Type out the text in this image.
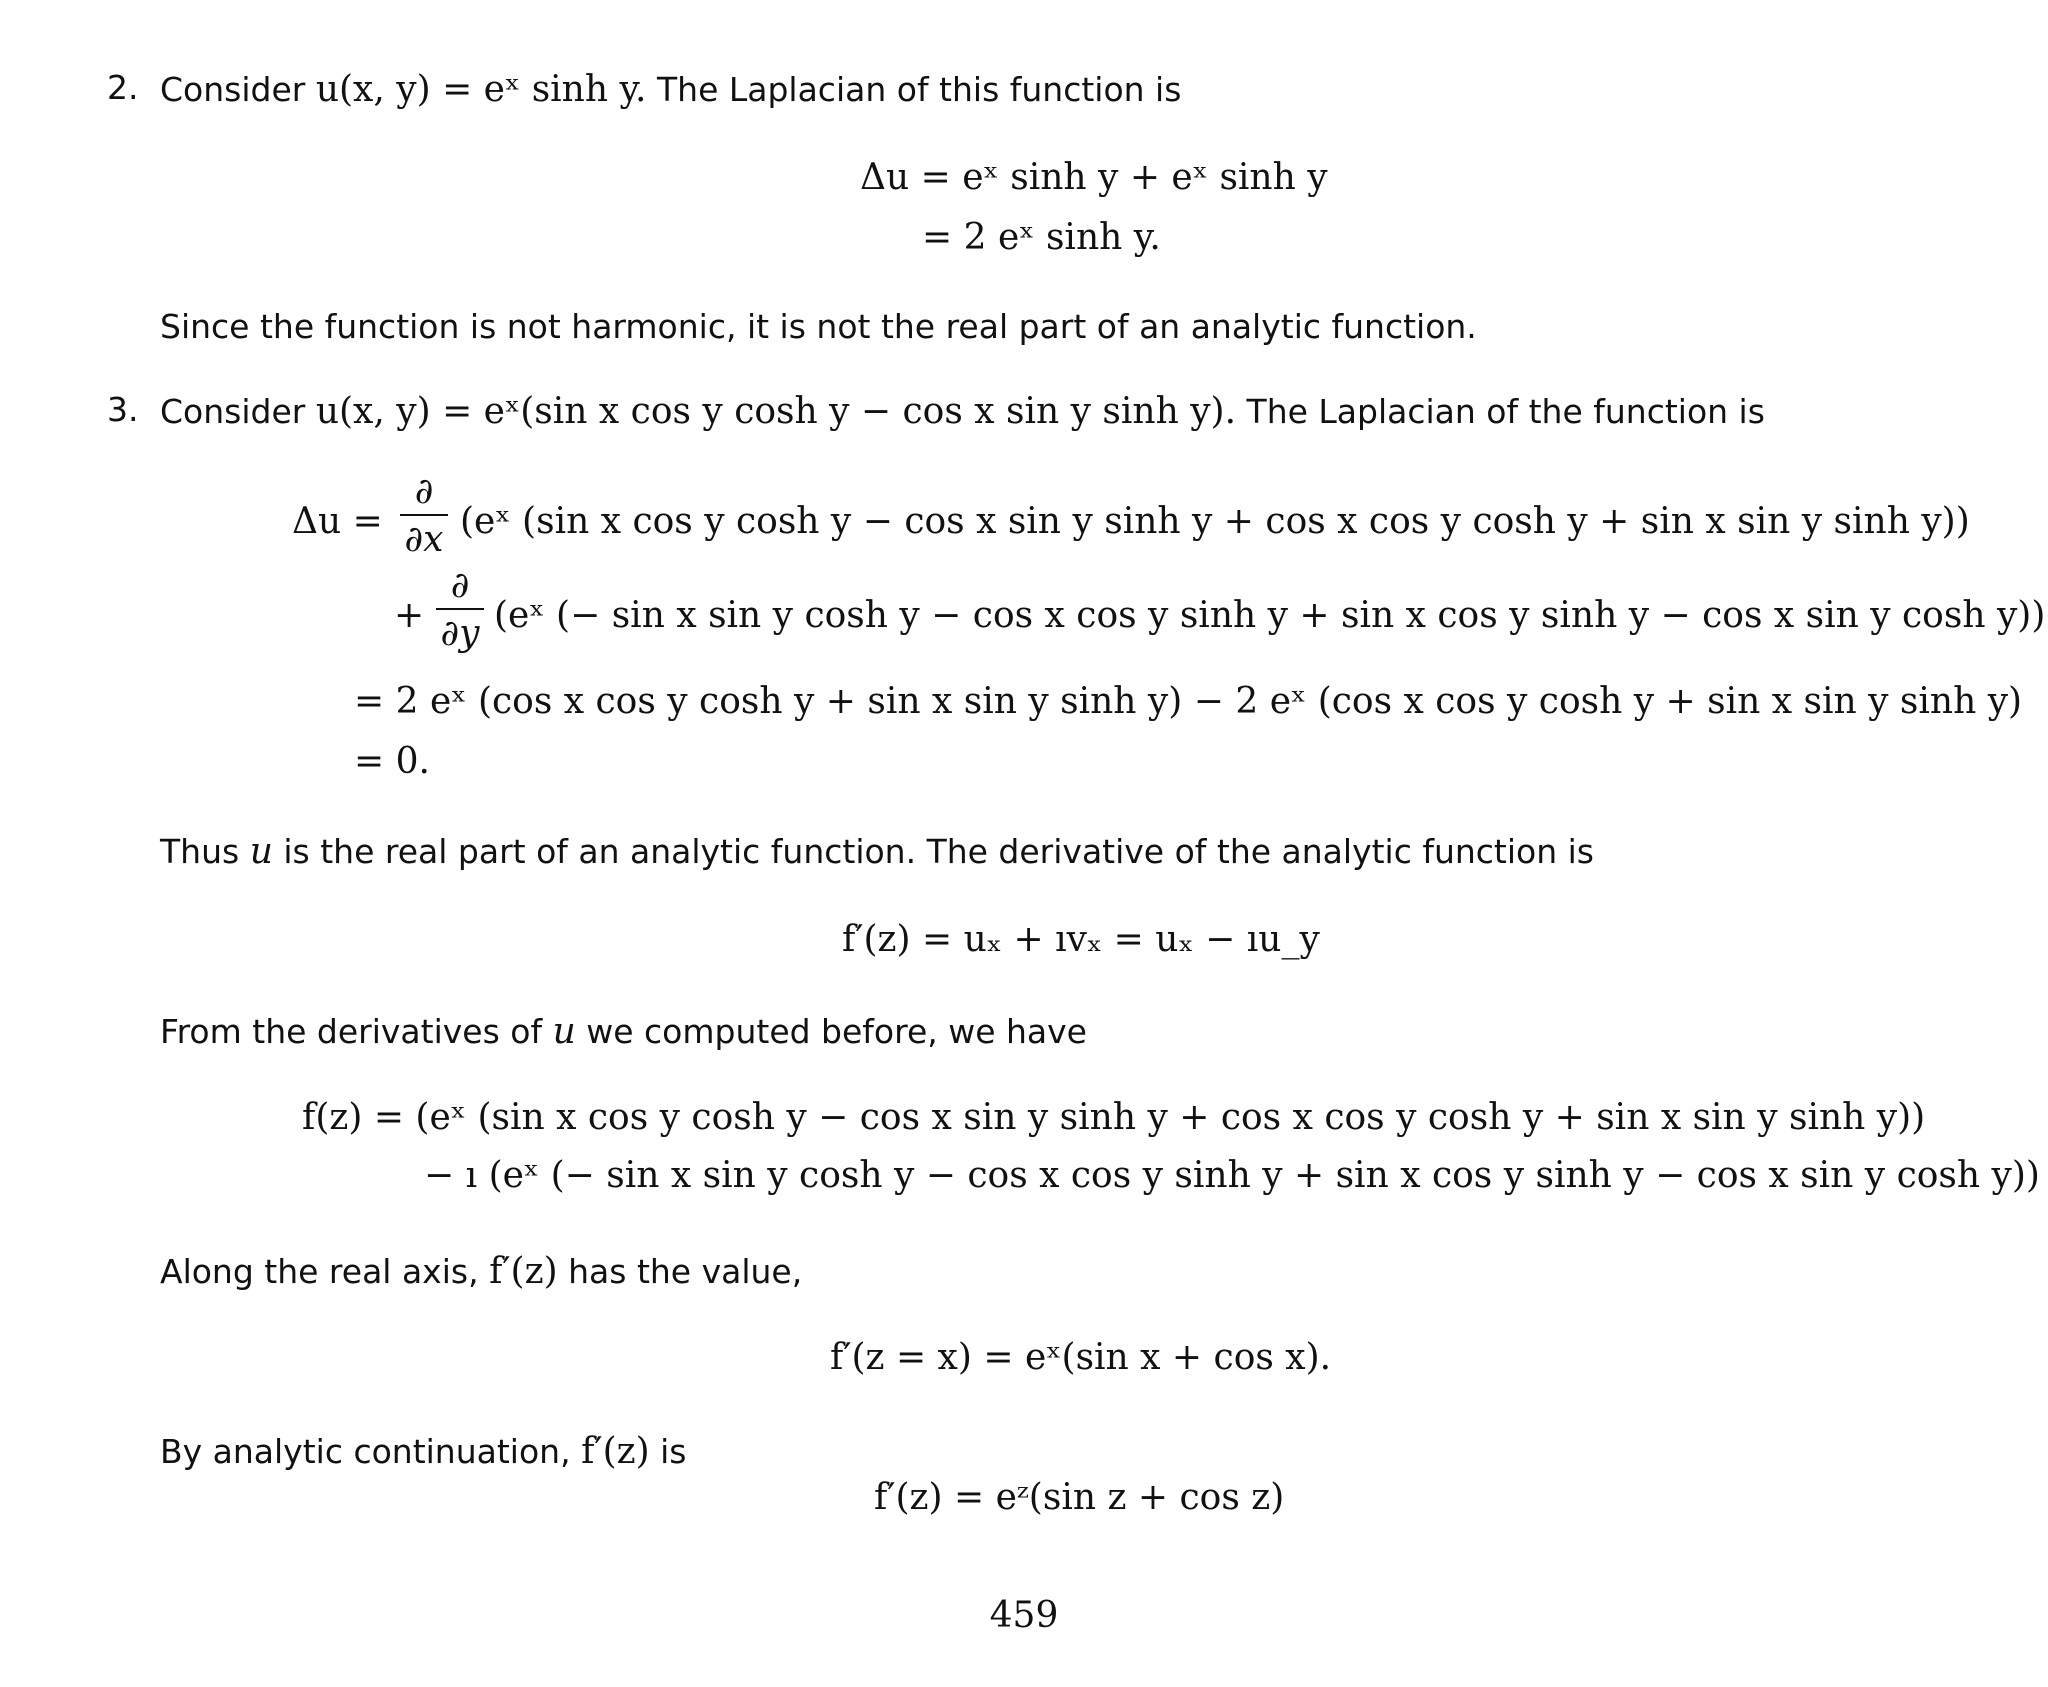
2. Consider u(x, y) = eˣ sinh y. The Laplacian of this function is
Δu = eˣ sinh y + eˣ sinh y
= 2 eˣ sinh y.
Since the function is not harmonic, it is not the real part of an analytic function.
3. Consider u(x, y) = eˣ(sin x cos y cosh y − cos x sin y sinh y). The Laplacian of the function is
Δu =
∂
∂x (eˣ (sin x cos y cosh y − cos x sin y sinh y + cos x cos y cosh y + sin x sin y sinh y))
+
∂
∂y (eˣ (− sin x sin y cosh y − cos x cos y sinh y + sin x cos y sinh y − cos x sin y cosh y))
= 2 eˣ (cos x cos y cosh y + sin x sin y sinh y) − 2 eˣ (cos x cos y cosh y + sin x sin y sinh y)
= 0.
Thus u is the real part of an analytic function. The derivative of the analytic function is
f′(z) = uₓ + ıvₓ = uₓ − ıu_y
From the derivatives of u we computed before, we have
f(z) = (eˣ (sin x cos y cosh y − cos x sin y sinh y + cos x cos y cosh y + sin x sin y sinh y))
− ı (eˣ (− sin x sin y cosh y − cos x cos y sinh y + sin x cos y sinh y − cos x sin y cosh y))
Along the real axis, f′(z) has the value,
f′(z = x) = eˣ(sin x + cos x).
By analytic continuation, f′(z) is
f′(z) = eᶻ(sin z + cos z)
459
